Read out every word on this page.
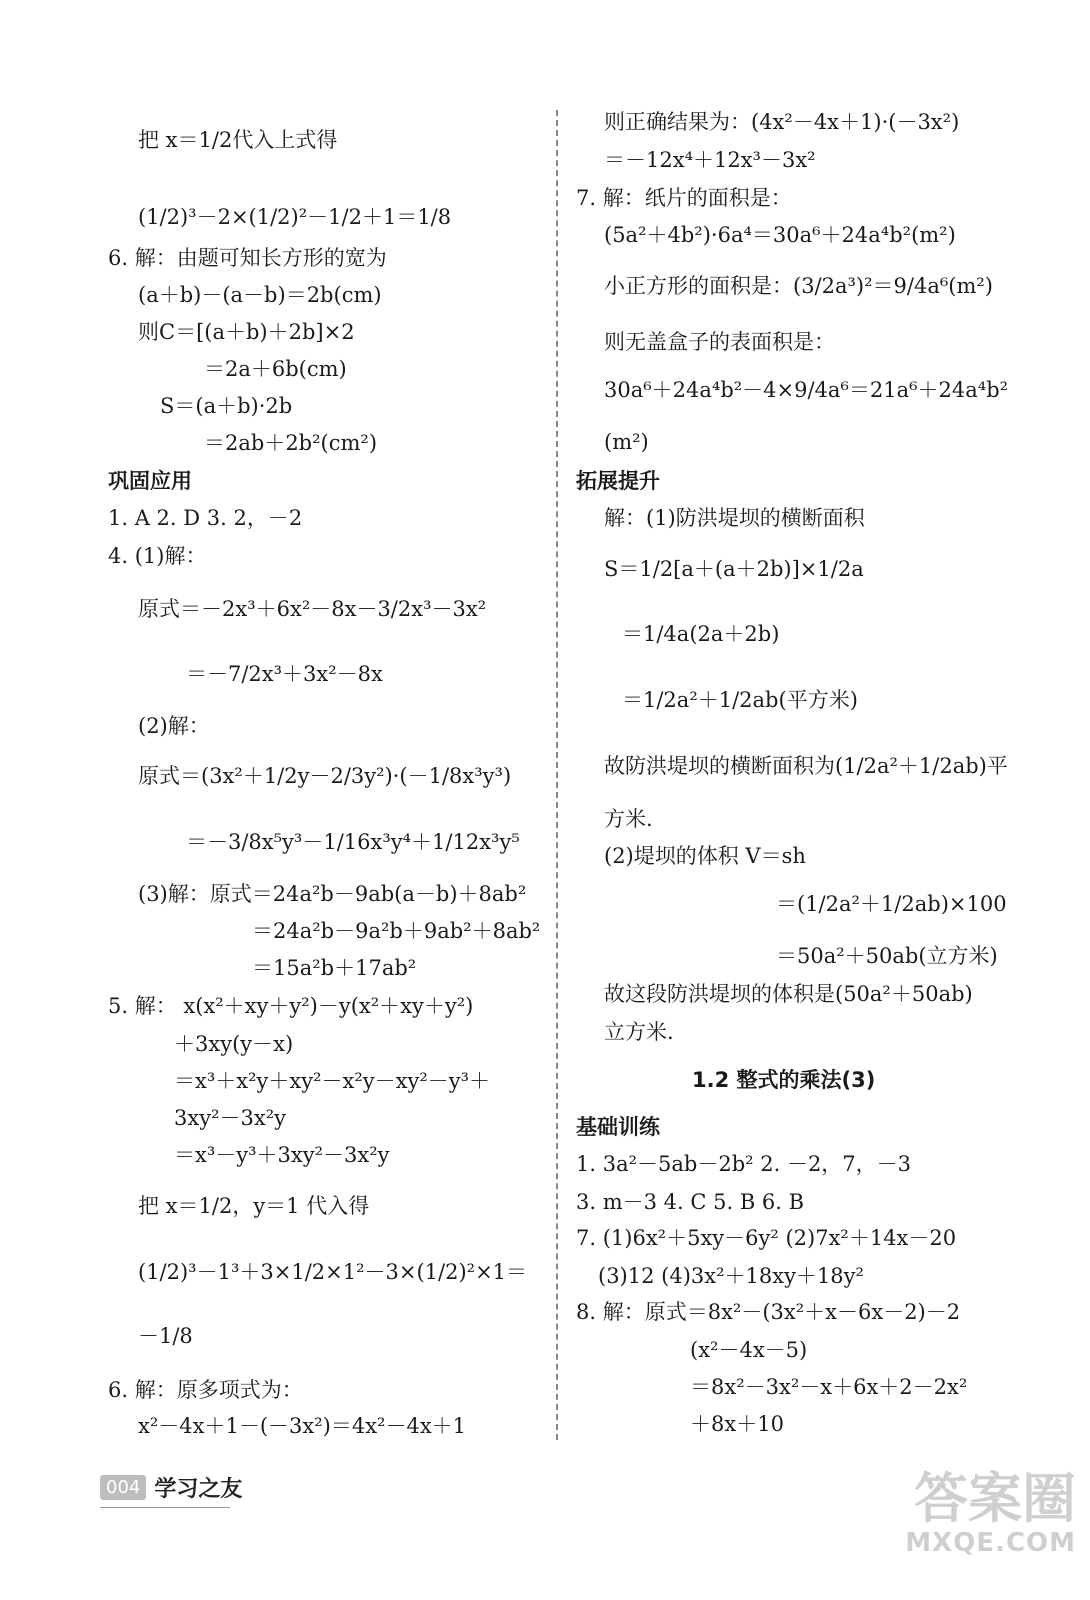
把 x＝1/2代入上式得
(1/2)³－2×(1/2)²－1/2＋1＝1/8
6. 解：由题可知长方形的宽为
(a＋b)－(a－b)＝2b(cm)
则C＝[(a＋b)＋2b]×2
＝2a＋6b(cm)
S＝(a＋b)·2b
＝2ab＋2b²(cm²)
巩固应用
1. A 2. D 3. 2，－2
4. (1)解：
原式＝－2x³＋6x²－8x－3/2x³－3x²
＝－7/2x³＋3x²－8x
(2)解：
原式＝(3x²＋1/2y－2/3y²)·(－1/8x³y³)
＝－3/8x⁵y³－1/16x³y⁴＋1/12x³y⁵
(3)解：原式＝24a²b－9ab(a－b)＋8ab²
＝24a²b－9a²b＋9ab²＋8ab²
＝15a²b＋17ab²
5. 解： x(x²＋xy＋y²)－y(x²＋xy＋y²)
＋3xy(y－x)
＝x³＋x²y＋xy²－x²y－xy²－y³＋
3xy²－3x²y
＝x³－y³＋3xy²－3x²y
把 x＝1/2，y＝1 代入得
(1/2)³－1³＋3×1/2×1²－3×(1/2)²×1＝
－1/8
6. 解：原多项式为：
x²－4x＋1－(－3x²)＝4x²－4x＋1
则正确结果为：(4x²－4x＋1)·(－3x²)
＝－12x⁴＋12x³－3x²
7. 解：纸片的面积是：
(5a²＋4b²)·6a⁴＝30a⁶＋24a⁴b²(m²)
小正方形的面积是：(3/2a³)²＝9/4a⁶(m²)
则无盖盒子的表面积是：
30a⁶＋24a⁴b²－4×9/4a⁶＝21a⁶＋24a⁴b²
(m²)
拓展提升
解：(1)防洪堤坝的横断面积
S＝1/2[a＋(a＋2b)]×1/2a
＝1/4a(2a＋2b)
＝1/2a²＋1/2ab(平方米)
故防洪堤坝的横断面积为(1/2a²＋1/2ab)平
方米.
(2)堤坝的体积 V＝sh
＝(1/2a²＋1/2ab)×100
＝50a²＋50ab(立方米)
故这段防洪堤坝的体积是(50a²＋50ab)
立方米.
1.2 整式的乘法(3)
基础训练
1. 3a²－5ab－2b² 2. －2，7，－3
3. m－3 4. C 5. B 6. B
7. (1)6x²＋5xy－6y² (2)7x²＋14x－20
(3)12 (4)3x²＋18xy＋18y²
8. 解：原式＝8x²－(3x²＋x－6x－2)－2
(x²－4x－5)
＝8x²－3x²－x＋6x＋2－2x²
＋8x＋10
004 学习之友	答案圈
MXQE.COM
